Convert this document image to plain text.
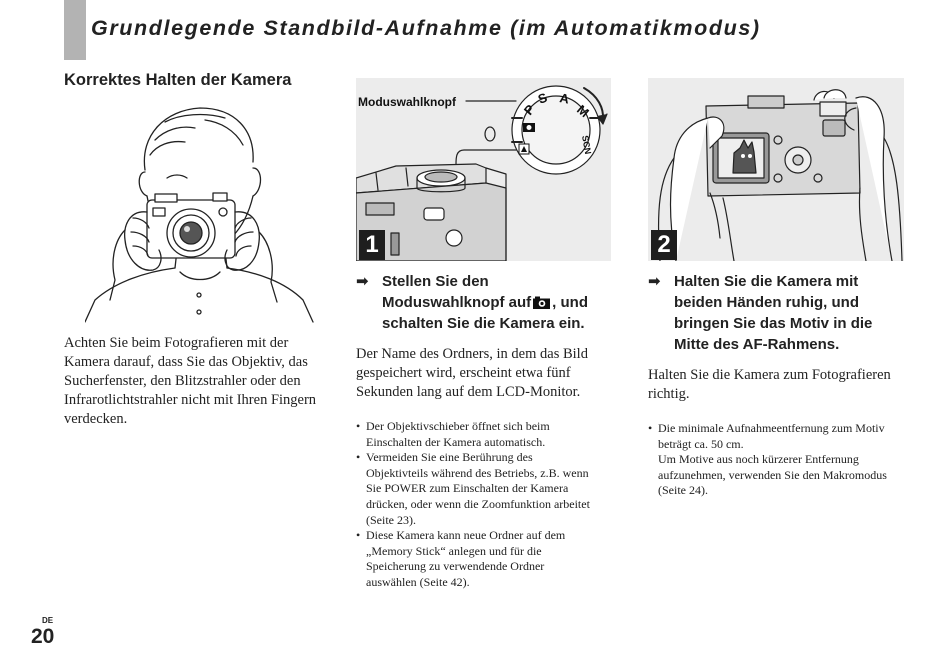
Grundlegende Standbild-Aufnahme (im Automatikmodus)
Korrektes Halten der Kamera
Achten Sie beim Fotografieren mit der
Kamera darauf, dass Sie das Objektiv, das
Sucherfenster, den Blitzstrahler oder den
Infrarotlichtstrahler nicht mit Ihren Fingern
verdecken.
P
S A
M
SCN
Moduswahlknopf
1
➡ Stellen Sie den
Moduswahlknopf auf , und
schalten Sie die Kamera ein.
Der Name des Ordners, in dem das Bild
gespeichert wird, erscheint etwa fünf
Sekunden lang auf dem LCD-Monitor.
• Der Objektivschieber öffnet sich beim
Einschalten der Kamera automatisch.
• Vermeiden Sie eine Berührung des
Objektivteils während des Betriebs, z.B. wenn
Sie POWER zum Einschalten der Kamera
drücken, oder wenn die Zoomfunktion arbeitet
(Seite 23).
• Diese Kamera kann neue Ordner auf dem
„Memory Stick“ anlegen und für die
Speicherung zu verwendende Ordner
auswählen (Seite 42).
2
➡ Halten Sie die Kamera mit
beiden Händen ruhig, und
bringen Sie das Motiv in die
Mitte des AF-Rahmens.
Halten Sie die Kamera zum Fotografieren
richtig.
• Die minimale Aufnahmeentfernung zum Motiv
beträgt ca. 50 cm.
Um Motive aus noch kürzerer Entfernung
aufzunehmen, verwenden Sie den Makromodus
(Seite 24).
DE
20
